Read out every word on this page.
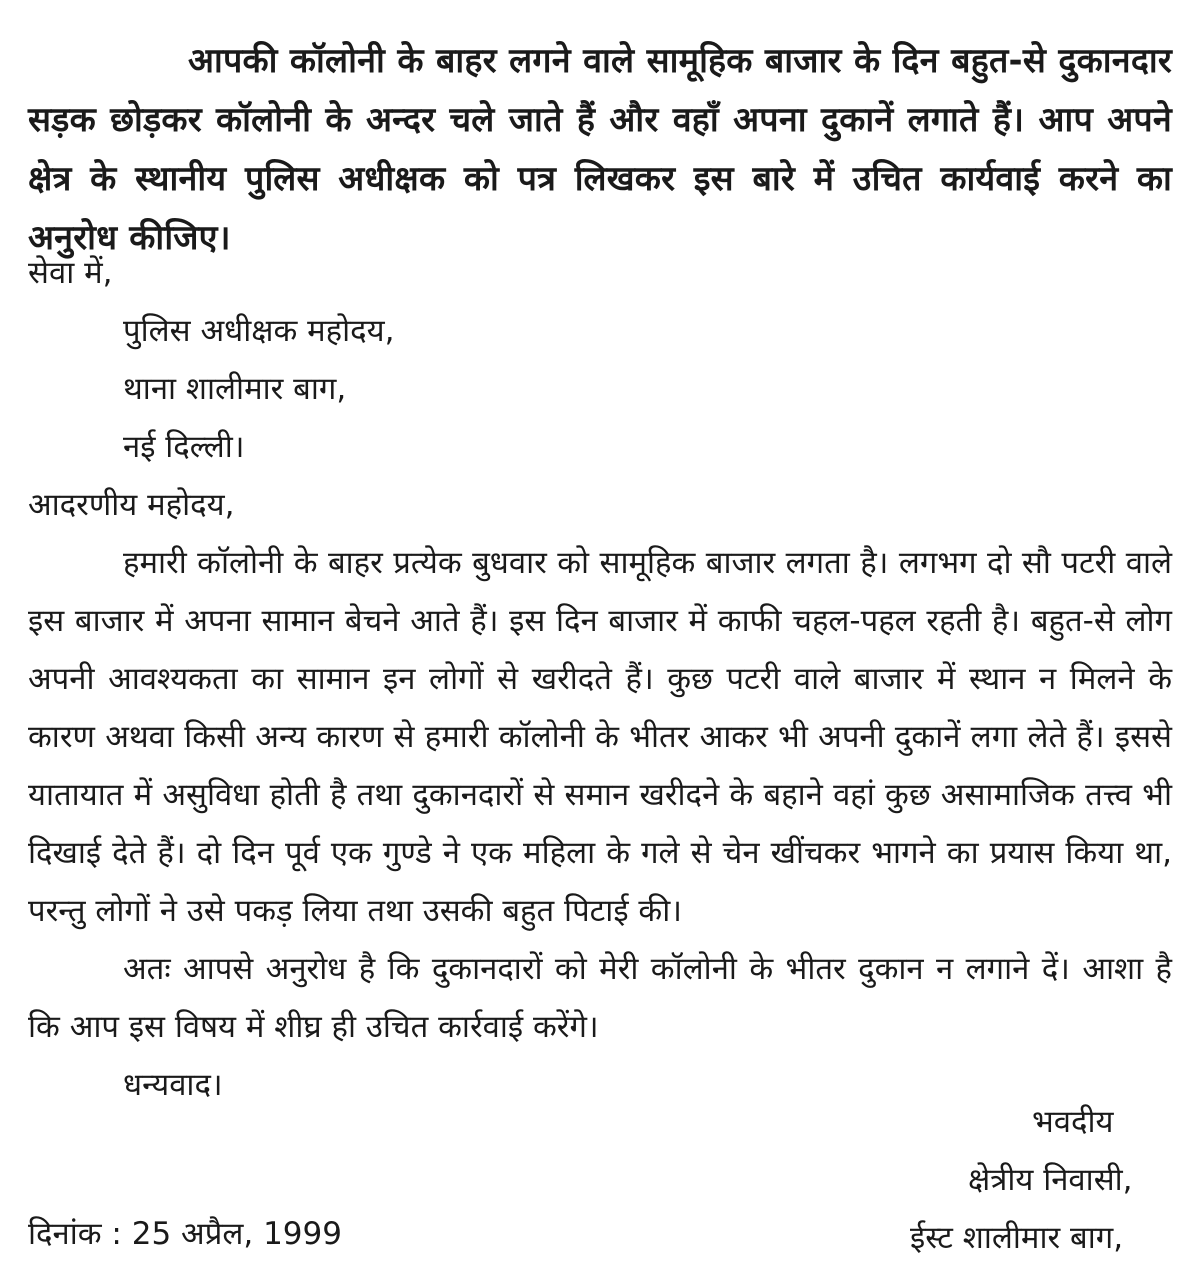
आपकी कॉलोनी के बाहर लगने वाले सामूहिक बाजार के दिन बहुत-से दुकानदार सड़क छोड़कर कॉलोनी के अन्दर चले जाते हैं और वहाँ अपना दुकानें लगाते हैं। आप अपने क्षेत्र के स्थानीय पुलिस अधीक्षक को पत्र लिखकर इस बारे में उचित कार्यवाई करने का अनुरोध कीजिए।

सेवा में,

पुलिस अधीक्षक महोदय,

थाना शालीमार बाग,

नई दिल्ली।

आदरणीय महोदय,

हमारी कॉलोनी के बाहर प्रत्येक बुधवार को सामूहिक बाजार लगता है। लगभग दो सौ पटरी वाले इस बाजार में अपना सामान बेचने आते हैं। इस दिन बाजार में काफी चहल-पहल रहती है। बहुत-से लोग अपनी आवश्यकता का सामान इन लोगों से खरीदते हैं। कुछ पटरी वाले बाजार में स्थान न मिलने के कारण अथवा किसी अन्य कारण से हमारी कॉलोनी के भीतर आकर भी अपनी दुकानें लगा लेते हैं। इससे यातायात में असुविधा होती है तथा दुकानदारों से समान खरीदने के बहाने वहां कुछ असामाजिक तत्त्व भी दिखाई देते हैं। दो दिन पूर्व एक गुण्डे ने एक महिला के गले से चेन खींचकर भागने का प्रयास किया था, परन्तु लोगों ने उसे पकड़ लिया तथा उसकी बहुत पिटाई की।

अतः आपसे अनुरोध है कि दुकानदारों को मेरी कॉलोनी के भीतर दुकान न लगाने दें। आशा है कि आप इस विषय में शीघ्र ही उचित कार्रवाई करेंगे।

धन्यवाद।

भवदीय
क्षेत्रीय निवासी,
ईस्ट शालीमार बाग,
दिनांक : 25 अप्रैल, 1999
